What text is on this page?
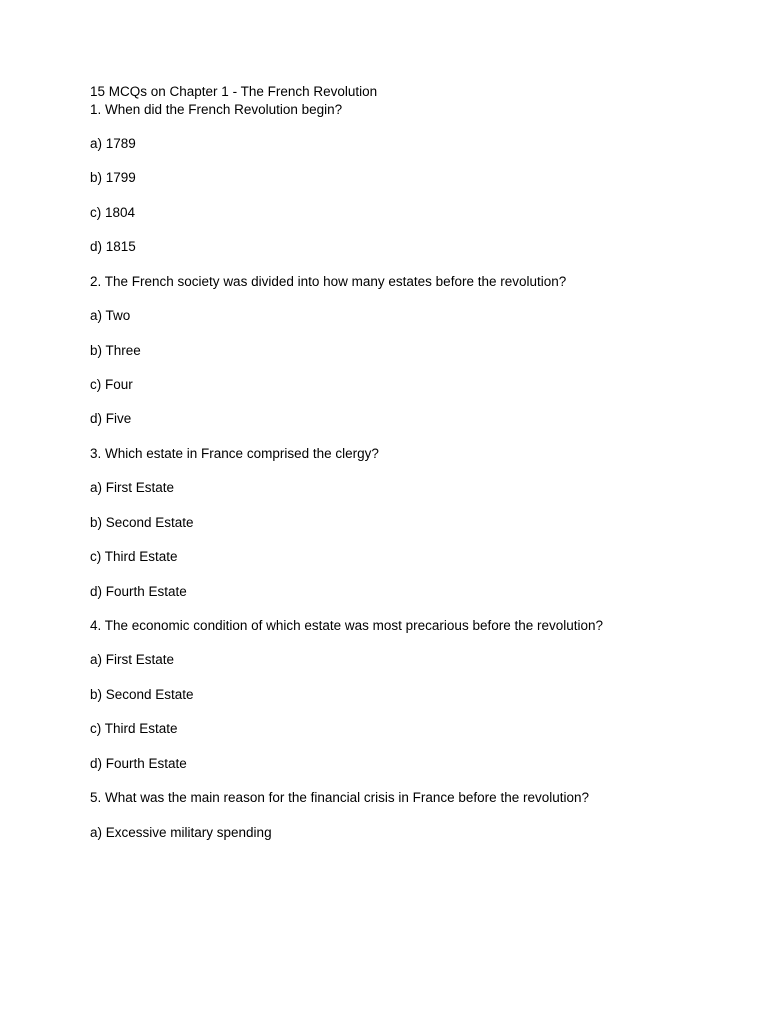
15 MCQs on Chapter 1 - The French Revolution
1. When did the French Revolution begin?
a) 1789
b) 1799
c) 1804
d) 1815
2. The French society was divided into how many estates before the revolution?
a) Two
b) Three
c) Four
d) Five
3. Which estate in France comprised the clergy?
a) First Estate
b) Second Estate
c) Third Estate
d) Fourth Estate
4. The economic condition of which estate was most precarious before the revolution?
a) First Estate
b) Second Estate
c) Third Estate
d) Fourth Estate
5. What was the main reason for the financial crisis in France before the revolution?
a) Excessive military spending
